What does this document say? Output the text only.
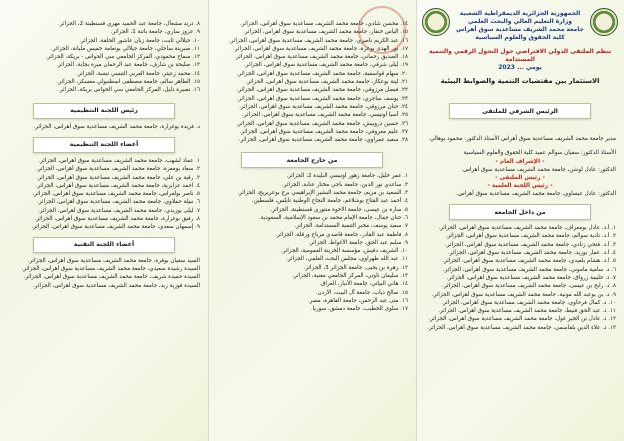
٨. دريد مشعال، جامعة عبد الحميد مهري قسنطينة 2، الجزائر.
٩. عزوز ساري، جامعة باتنة 1، الجزائر.
١٠. جيلالي ثابت، جامعة زيان عاشور الجلفة، الجزائر.
١١. صبرينة ساحلي، جامعة جيلالي بونعامة خميس مليانة، الجزائر.
١٢. سماح محمودي، المركز الجامعي سي الحواس - بريكة، الجزائر.
١٣. صليحة بن شارف، جامعة عبد الرحمان ميرة بجاية، الجزائر.
١٤. محمد زعيتر، جامعة العربي التبسي تبسة، الجزائر.
١٥. الطاهر سالم، جامعة مصطفى اسطنبولي معسكر، الجزائر.
١٦. نصيرة دليل، المركز الجامعي سي الحواس بريكة، الجزائر.
رئيس اللجنة التنظيمية
د. فريدة بوغرارة، جامعة محمد الشريف مساعدية سوق أهراس، الجزائر.
أعضاء اللجنة التنظيمية
١. عماد لشهب، جامعة محمد الشريف مساعدية سوق أهراس، الجزائر.
٢. سعاد بومعزة، جامعة محمد الشريف مساعدية سوق أهراس، الجزائر.
٣. رقية بن علي، جامعة محمد الشريف مساعدية سوق أهراس، الجزائر.
٤. أحمد عزايزية، جامعة محمد الشريف مساعدية سوق أهراس، الجزائر.
٥. ناصر بولعراس، جامعة محمد الشريف مساعدية سوق أهراس، الجزائر.
٦. نبيلة حملاوي، جامعة محمد الشريف مساعدية سوق أهراس، الجزائر.
٧. ليلى بوزيدي، جامعة محمد الشريف مساعدية سوق أهراس، الجزائر.
٨. رفيق بوغرارة، جامعة محمد الشريف مساعدية سوق أهراس، الجزائر.
٩. إسمهان سعدي، جامعة محمد الشريف مساعدية سوق أهراس، الجزائر.
أعضاء اللجنة التقنية
السيد سفيان بوقرة، جامعة محمد الشريف مساعدية سوق أهراس، الجزائر.
السيدة رشيدة سعيدي، جامعة محمد الشريف مساعدية سوق أهراس، الجزائر.
السيدة حميدة شريف، جامعة محمد الشريف مساعدية سوق أهراس، الجزائر.
السيدة فوزية زيد، جامعة محمد الشريف مساعدية سوق أهراس، الجزائر.
١٤. محسن شادي، جامعة محمد الشريف مساعدية سوق أهراس، الجزائر.
١٥. الياس خنفار، جامعة محمد الشريف مساعدية سوق أهراس، الجزائر.
١٦. عبد الكريم ناصري، جامعة محمد الشريف مساعدية سوق أهراس، الجزائر.
١٧. نور الهدى بوعزة، جامعة محمد الشريف مساعدية سوق أهراس، الجزائر.
١٨. الصديق رحماني، جامعة محمد الشريف مساعدية سوق أهراس، الجزائر.
١٩. ليلى شرقي، جامعة محمد الشريف مساعدية سوق أهراس، الجزائر.
٢٠. سهام قواسمية، جامعة محمد الشريف مساعدية سوق أهراس، الجزائر.
٢١. لينة بوعكاز، جامعة محمد الشريف مساعدية سوق أهراس، الجزائر.
٢٢. فيصل مرزوقي، جامعة محمد الشريف مساعدية سوق أهراس، الجزائر.
٢٣. يوسف ساجري، جامعة محمد الشريف مساعدية سوق أهراس، الجزائر.
٢٤. حنان مرزوقي، جامعة محمد الشريف مساعدية سوق أهراس، الجزائر.
٢٥. آسيا أونيسي، جامعة محمد الشريف مساعدية سوق أهراس، الجزائر.
٢٦. حسين دروبيش، جامعة محمد الشريف مساعدية سوق أهراس، الجزائر.
٢٧. عليم معروفي، جامعة محمد الشريف مساعدية سوق أهراس، الجزائر.
٢٨. سعيد عمراوي، جامعة محمد الشريف مساعدية سوق أهراس، الجزائر.
من خارج الجامعة
١. عمر خليل، جامعة زهور أونيسي البليدة 2، الجزائر.
٢. ساعدي نور الدين، جامعة باجي مختار عنابة، الجزائر.
٣. السعيد بن مريم، جامعة محمد البشير الإبراهيمي برج بوعريريج، الجزائر.
٤. أحمد عبد الفتاح بوشلاغم، جامعة النجاح الوطنية نابلس، فلسطين.
٥. سارة بن عيسى، جامعة الاخوة منتوري قسنطينة، الجزائر.
٦. حنان جمال، جامعة الإمام محمد بن سعود الإسلامية، السعودية.
٧. سعيد يوسف، مخبر التنمية المستدامة، الجزائر.
٨. فاطمة عبد القادر، جامعة قاصدي مرباح ورقلة، الجزائر.
٩. سليم عبد الحق، جامعة الأغواط، الجزائر.
١٠. الشريف دقيش، مؤسسة الخزينة العمومية، الجزائر.
١١. عبد الله طهراوي، مجلس البحث العلمي، الجزائر.
١٢. زهرة بن يحيى، جامعة الجزائر 3، الجزائر.
١٣. سليمان تاوتي، المركز الجامعي مغنية، الجزائر.
١٤. هاني البياتي، جامعة الأنبار، العراق.
١٥. صالح ذياب، جامعة آل البيت، الأردن.
١٦. منى عبد الرحمن، جامعة القاهرة، مصر.
١٧. سلوى الخطيب، جامعة دمشق، سوريا.
الجمهورية الجزائرية الديمقراطية الشعبية
وزارة التعليم العالي والبحث العلمي
جامعة محمد الشريف مساعدية سوق أهراس
كلية الحقوق والعلوم السياسية
تنظم الملتقى الدولي الافتراضي حول التحول الرقمي والتنمية المستدامة
يومي ... 2023
الاستثمار بين مقتضيات التنمية والضوابط البيئية
الرئيس الشرفي للملتقى
مدير جامعة محمد الشريف مساعدية سوق أهراس الأستاذ الدكتور: محمود بوهالي.
الأستاذ الدكتور: سفيان سوالم عميد كلية الحقوق والعلوم السياسية
- الإشراف العام -
الدكتور: عادل لوشن، جامعة محمد الشريف مساعدية سوق أهراس.
- رئيس الملتقى -
- رئيس اللجنة العلمية -
الدكتور: عادل عيساوي، جامعة محمد الشريف مساعدية سوق أهراس.
من داخل الجامعة
١. أ.د. عادل بومعراف، جامعة محمد الشريف مساعدية سوق أهراس، الجزائر.
٢. أ.د. نادية سوالم، جامعة محمد الشريف مساعدية سوق أهراس، الجزائر.
٣. أ.د. فتحي زنادي، جامعة محمد الشريف مساعدية سوق أهراس، الجزائر.
٤. أ.د. عمار بوزيد، جامعة محمد الشريف مساعدية سوق أهراس، الجزائر.
٥. أ.د. هشام بلعيدي، جامعة محمد الشريف مساعدية سوق أهراس، الجزائر.
٦. د. سامية ماموني، جامعة محمد الشريف مساعدية سوق أهراس، الجزائر.
٧. د. حليمة زرواق، جامعة محمد الشريف مساعدية سوق أهراس، الجزائر.
٨. د. رابح بن عيسى، جامعة محمد الشريف مساعدية سوق أهراس، الجزائر.
٩. د. بن بوعبد الله مونية، جامعة محمد الشريف مساعدية سوق أهراس، الجزائر.
١٠. د. كمال فرحاوي، جامعة محمد الشريف مساعدية سوق أهراس، الجزائر.
١١. د. عبد الحق فنيط، جامعة محمد الشريف مساعدية سوق أهراس، الجزائر.
١٢. د. عادل بن الخير غول، جامعة محمد الشريف مساعدية سوق أهراس، الجزائر.
١٣. د. علاء الدين بلقاسمي، جامعة محمد الشريف مساعدية سوق أهراس، الجزائر.
